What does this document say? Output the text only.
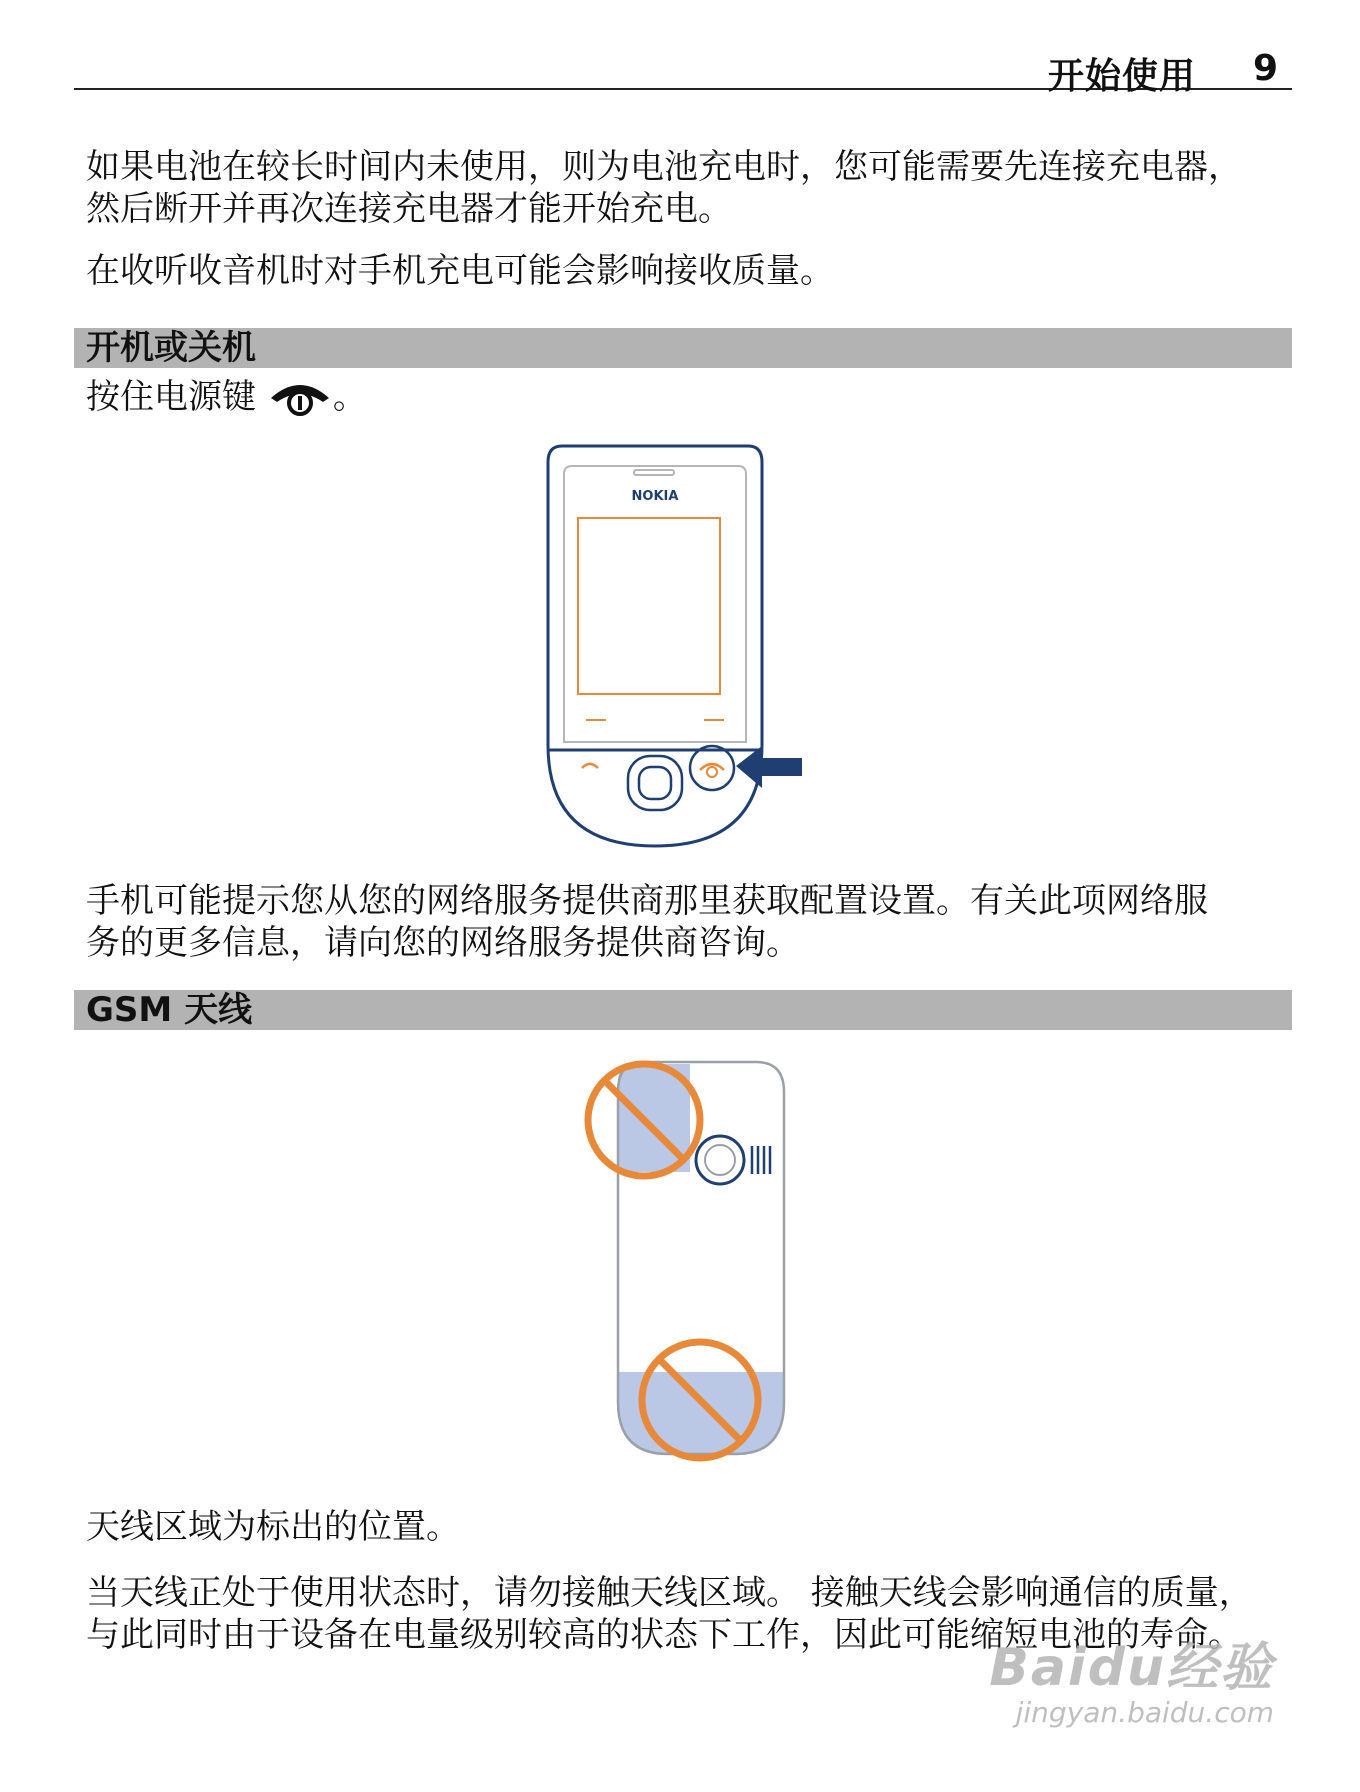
开始使用 9

如果电池在较长时间内未使用，则为电池充电时，您可能需要先连接充电器，
然后断开并再次连接充电器才能开始充电。

在收听收音机时对手机充电可能会影响接收质量。

开机或关机

按住电源键 。

NOKIA

手机可能提示您从您的网络服务提供商那里获取配置设置。有关此项网络服
务的更多信息，请向您的网络服务提供商咨询。

GSM 天线

天线区域为标出的位置。

当天线正处于使用状态时，请勿接触天线区域。 接触天线会影响通信的质量，
与此同时由于设备在电量级别较高的状态下工作，因此可能缩短电池的寿命。

Baidu经验
jingyan.baidu.com
